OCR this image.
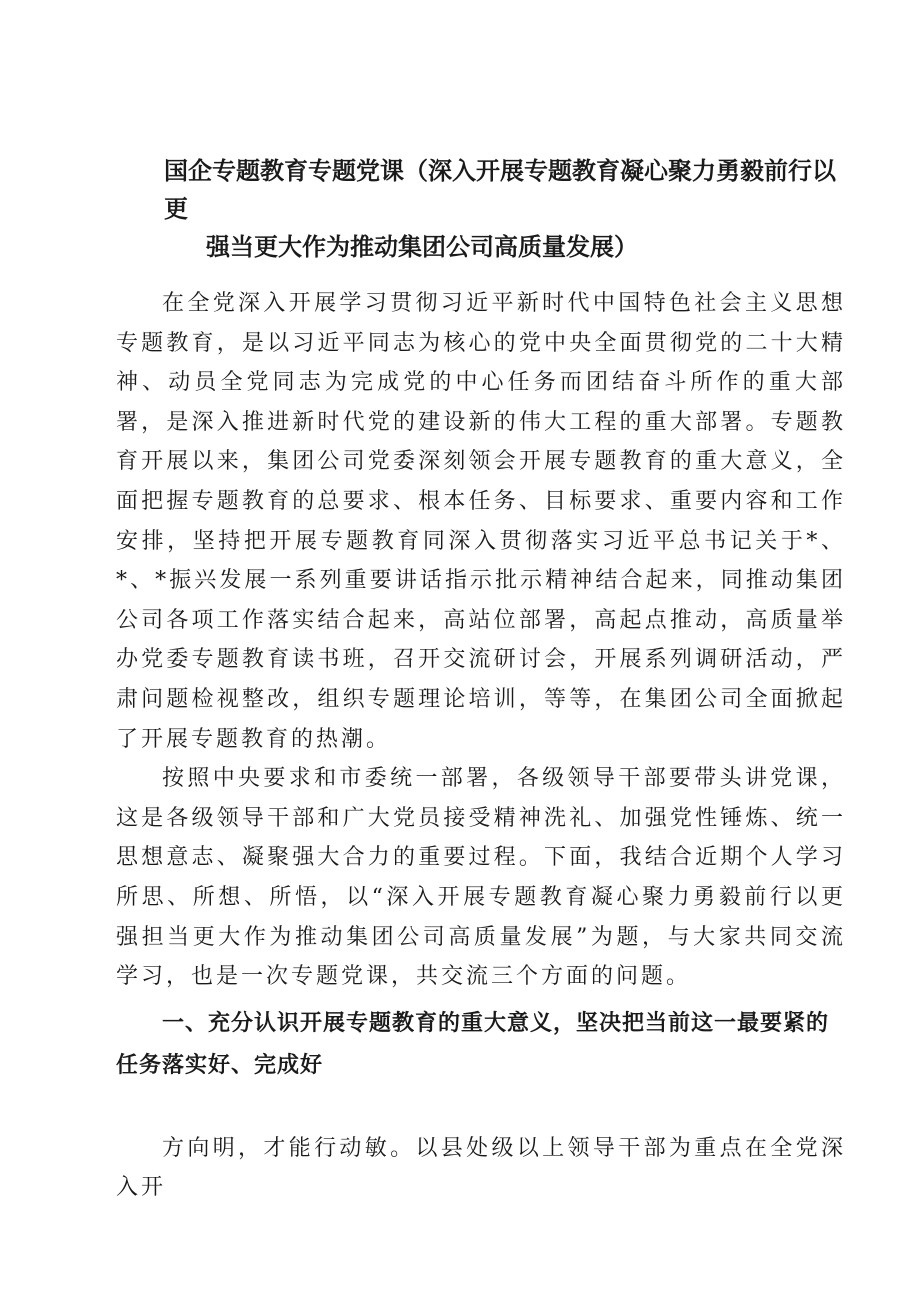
国企专题教育专题党课（深入开展专题教育凝心聚力勇毅前行以更
强当更大作为推动集团公司高质量发展）

在全党深入开展学习贯彻习近平新时代中国特色社会主义思想专题教育，是以习近平同志为核心的党中央全面贯彻党的二十大精神、动员全党同志为完成党的中心任务而团结奋斗所作的重大部署，是深入推进新时代党的建设新的伟大工程的重大部署。专题教育开展以来，集团公司党委深刻领会开展专题教育的重大意义，全面把握专题教育的总要求、根本任务、目标要求、重要内容和工作安排，坚持把开展专题教育同深入贯彻落实习近平总书记关于*、*、*振兴发展一系列重要讲话指示批示精神结合起来，同推动集团公司各项工作落实结合起来，高站位部署，高起点推动，高质量举办党委专题教育读书班，召开交流研讨会，开展系列调研活动，严肃问题检视整改，组织专题理论培训，等等，在集团公司全面掀起了开展专题教育的热潮。

按照中央要求和市委统一部署，各级领导干部要带头讲党课，这是各级领导干部和广大党员接受精神洗礼、加强党性锤炼、统一思想意志、凝聚强大合力的重要过程。下面，我结合近期个人学习所思、所想、所悟，以“深入开展专题教育凝心聚力勇毅前行以更强担当更大作为推动集团公司高质量发展”为题，与大家共同交流学习，也是一次专题党课，共交流三个方面的问题。

一、充分认识开展专题教育的重大意义，坚决把当前这一最要紧的任务落实好、完成好

方向明，才能行动敏。以县处级以上领导干部为重点在全党深入开
